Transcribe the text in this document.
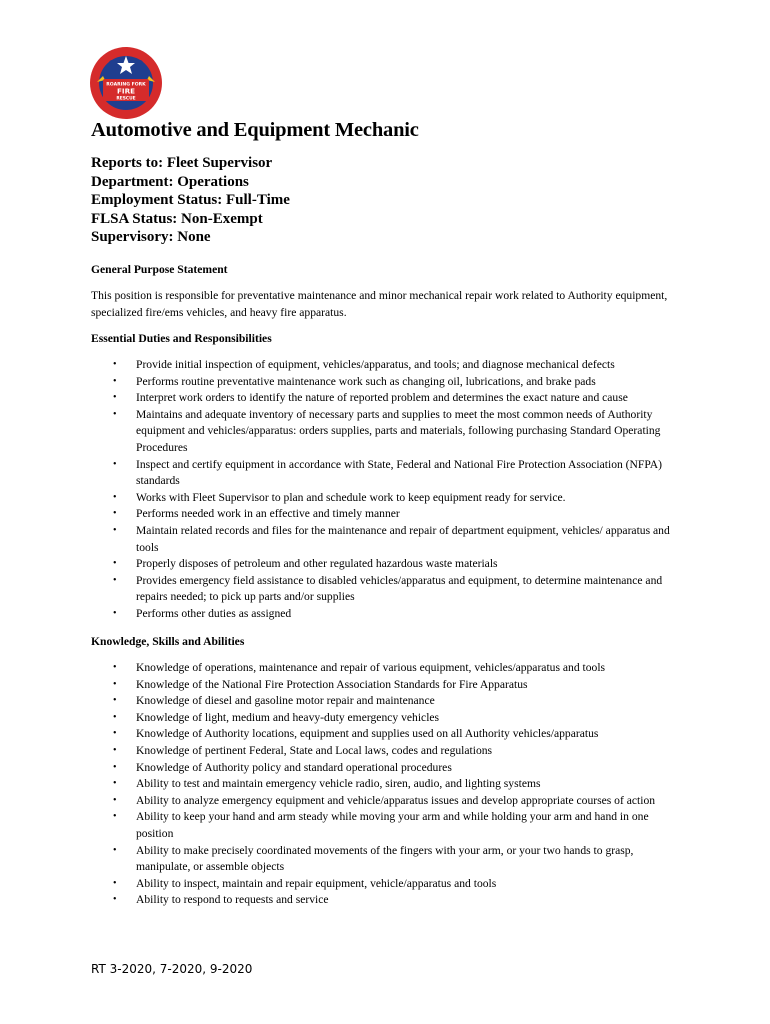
ROARING FORK
FIRE
RESCUE
Automotive and Equipment Mechanic
Reports to: Fleet Supervisor
Department: Operations
Employment Status: Full-Time
FLSA Status: Non-Exempt
Supervisory: None
General Purpose Statement

This position is responsible for preventative maintenance and minor mechanical repair work related to Authority equipment, specialized fire/ems vehicles, and heavy fire apparatus.

Essential Duties and Responsibilities
• Provide initial inspection of equipment, vehicles/apparatus, and tools; and diagnose mechanical defects
• Performs routine preventative maintenance work such as changing oil, lubrications, and brake pads
• Interpret work orders to identify the nature of reported problem and determines the exact nature and cause
• Maintains and adequate inventory of necessary parts and supplies to meet the most common needs of Authority equipment and vehicles/apparatus: orders supplies, parts and materials, following purchasing Standard Operating Procedures
• Inspect and certify equipment in accordance with State, Federal and National Fire Protection Association (NFPA) standards
• Works with Fleet Supervisor to plan and schedule work to keep equipment ready for service.
• Performs needed work in an effective and timely manner
• Maintain related records and files for the maintenance and repair of department equipment, vehicles/ apparatus and tools
• Properly disposes of petroleum and other regulated hazardous waste materials
• Provides emergency field assistance to disabled vehicles/apparatus and equipment, to determine maintenance and repairs needed; to pick up parts and/or supplies
• Performs other duties as assigned
Knowledge, Skills and Abilities
• Knowledge of operations, maintenance and repair of various equipment, vehicles/apparatus and tools
• Knowledge of the National Fire Protection Association Standards for Fire Apparatus
• Knowledge of diesel and gasoline motor repair and maintenance
• Knowledge of light, medium and heavy-duty emergency vehicles
• Knowledge of Authority locations, equipment and supplies used on all Authority vehicles/apparatus
• Knowledge of pertinent Federal, State and Local laws, codes and regulations
• Knowledge of Authority policy and standard operational procedures
• Ability to test and maintain emergency vehicle radio, siren, audio, and lighting systems
• Ability to analyze emergency equipment and vehicle/apparatus issues and develop appropriate courses of action
• Ability to keep your hand and arm steady while moving your arm and while holding your arm and hand in one position
• Ability to make precisely coordinated movements of the fingers with your arm, or your two hands to grasp, manipulate, or assemble objects
• Ability to inspect, maintain and repair equipment, vehicle/apparatus and tools
• Ability to respond to requests and service

RT 3-2020, 7-2020, 9-2020
